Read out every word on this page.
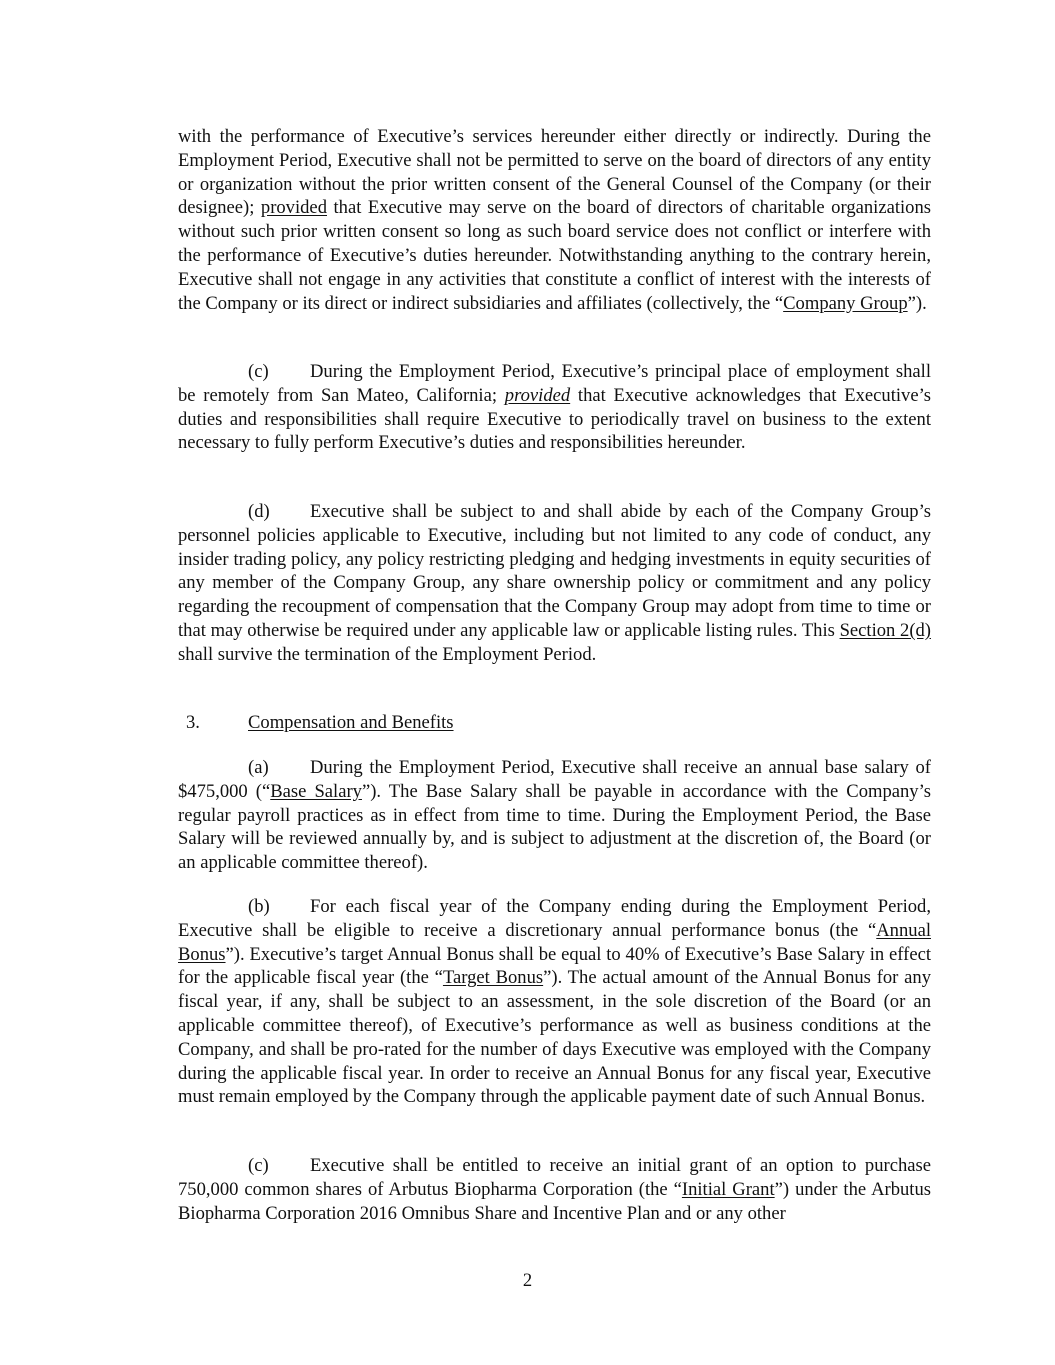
with the performance of Executive’s services hereunder either directly or indirectly. During the Employment Period, Executive shall not be permitted to serve on the board of directors of any entity or organization without the prior written consent of the General Counsel of the Company (or their designee); provided that Executive may serve on the board of directors of charitable organizations without such prior written consent so long as such board service does not conflict or interfere with the performance of Executive’s duties hereunder. Notwithstanding anything to the contrary herein, Executive shall not engage in any activities that constitute a conflict of interest with the interests of the Company or its direct or indirect subsidiaries and affiliates (collectively, the “Company Group”).

(c) During the Employment Period, Executive’s principal place of employment shall be remotely from San Mateo, California; provided that Executive acknowledges that Executive’s duties and responsibilities shall require Executive to periodically travel on business to the extent necessary to fully perform Executive’s duties and responsibilities hereunder.

(d) Executive shall be subject to and shall abide by each of the Company Group’s personnel policies applicable to Executive, including but not limited to any code of conduct, any insider trading policy, any policy restricting pledging and hedging investments in equity securities of any member of the Company Group, any share ownership policy or commitment and any policy regarding the recoupment of compensation that the Company Group may adopt from time to time or that may otherwise be required under any applicable law or applicable listing rules. This Section 2(d) shall survive the termination of the Employment Period.

3.	Compensation and Benefits

(a) During the Employment Period, Executive shall receive an annual base salary of $475,000 (“Base Salary”). The Base Salary shall be payable in accordance with the Company’s regular payroll practices as in effect from time to time. During the Employment Period, the Base Salary will be reviewed annually by, and is subject to adjustment at the discretion of, the Board (or an applicable committee thereof).

(b) For each fiscal year of the Company ending during the Employment Period, Executive shall be eligible to receive a discretionary annual performance bonus (the “Annual Bonus”). Executive’s target Annual Bonus shall be equal to 40% of Executive’s Base Salary in effect for the applicable fiscal year (the “Target Bonus”). The actual amount of the Annual Bonus for any fiscal year, if any, shall be subject to an assessment, in the sole discretion of the Board (or an applicable committee thereof), of Executive’s performance as well as business conditions at the Company, and shall be pro-rated for the number of days Executive was employed with the Company during the applicable fiscal year. In order to receive an Annual Bonus for any fiscal year, Executive must remain employed by the Company through the applicable payment date of such Annual Bonus.

(c) Executive shall be entitled to receive an initial grant of an option to purchase 750,000 common shares of Arbutus Biopharma Corporation (the “Initial Grant”) under the Arbutus Biopharma Corporation 2016 Omnibus Share and Incentive Plan and or any other

2
